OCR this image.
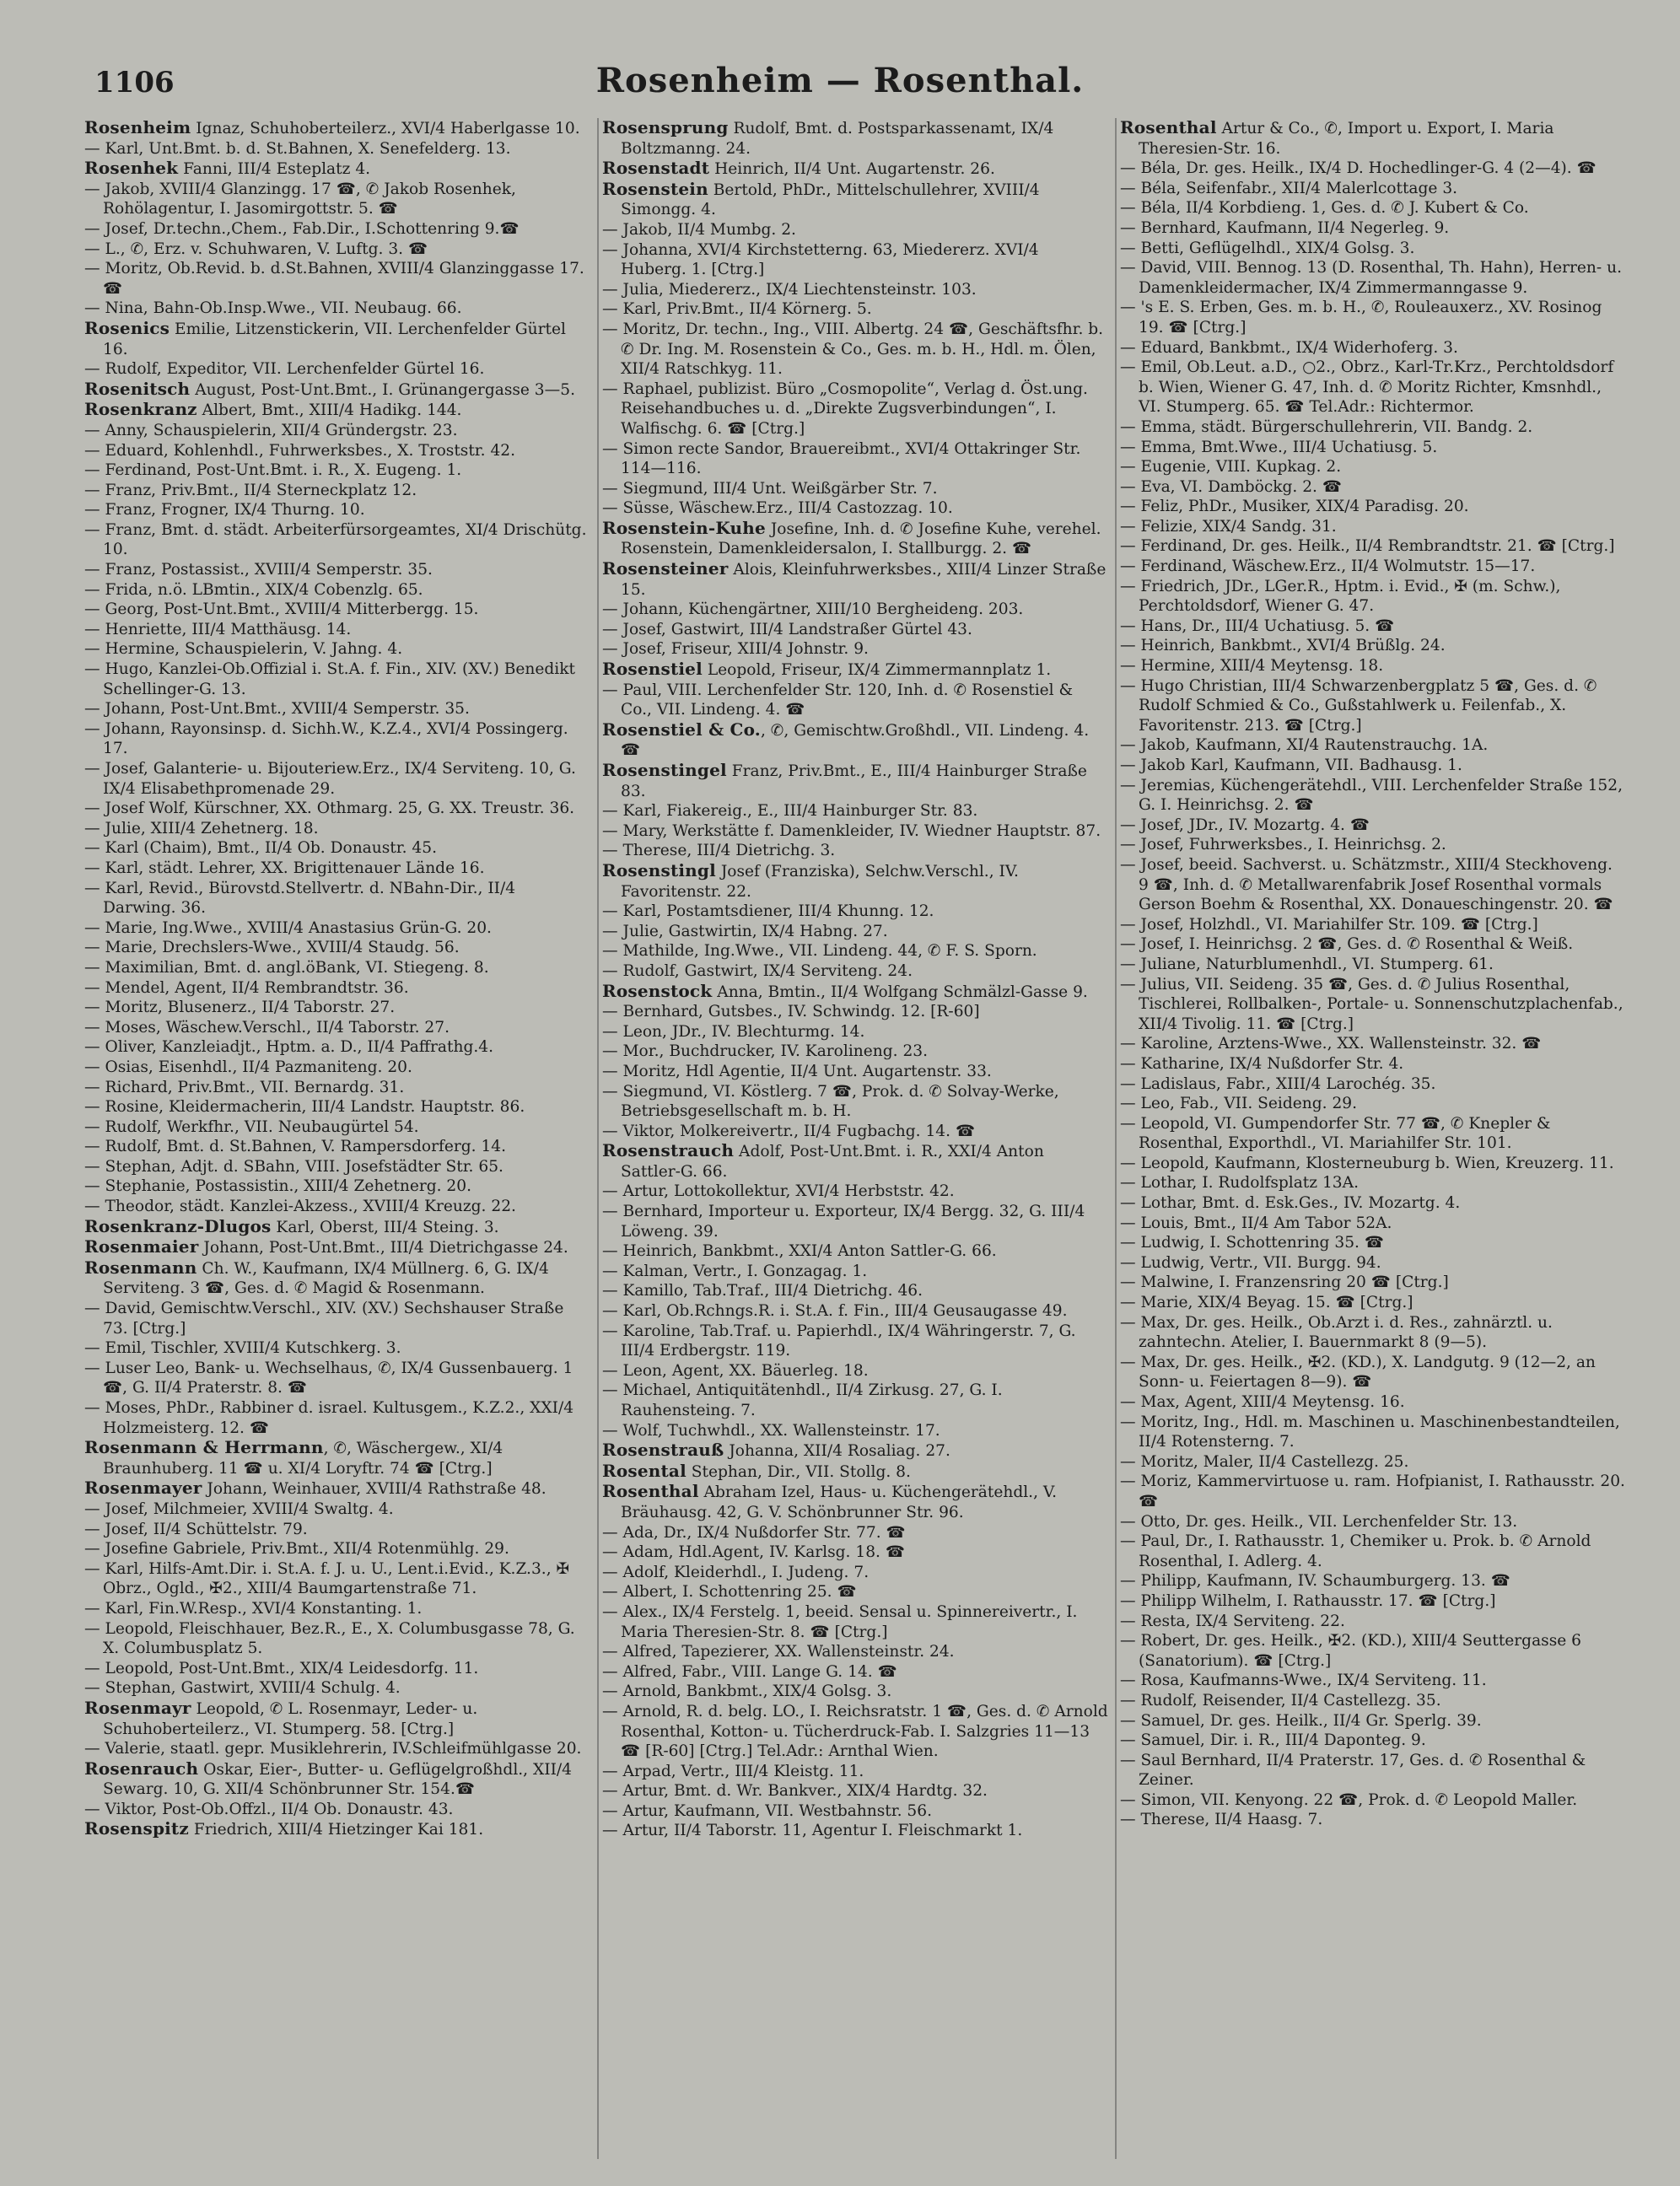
1106	Rosenheim — Rosenthal.

Rosenheim Ignaz, Schuhoberteilerz., XVI/4 Haberlgasse 10.

— Karl, Unt.Bmt. b. d. St.Bahnen, X. Senefelderg. 13.

Rosenhek Fanni, III/4 Esteplatz 4.

— Jakob, XVIII/4 Glanzingg. 17 ☎, ✆ Jakob Rosenhek, Rohölagentur, I. Jasomirgottstr. 5. ☎

— Josef, Dr.techn.,Chem., Fab.Dir., I.Schottenring 9.☎

— L., ✆, Erz. v. Schuhwaren, V. Luftg. 3. ☎

— Moritz, Ob.Revid. b. d.St.Bahnen, XVIII/4 Glanzinggasse 17. ☎

— Nina, Bahn-Ob.Insp.Wwe., VII. Neubaug. 66.

Rosenics Emilie, Litzenstickerin, VII. Lerchenfelder Gürtel 16.

— Rudolf, Expeditor, VII. Lerchenfelder Gürtel 16.

Rosenitsch August, Post-Unt.Bmt., I. Grünangergasse 3—5.

Rosenkranz Albert, Bmt., XIII/4 Hadikg. 144.

— Anny, Schauspielerin, XII/4 Gründergstr. 23.

— Eduard, Kohlenhdl., Fuhrwerksbes., X. Troststr. 42.

— Ferdinand, Post-Unt.Bmt. i. R., X. Eugeng. 1.

— Franz, Priv.Bmt., II/4 Sterneckplatz 12.

— Franz, Frogner, IX/4 Thurng. 10.

— Franz, Bmt. d. städt. Arbeiterfürsorgeamtes, XI/4 Drischütg. 10.

— Franz, Postassist., XVIII/4 Semperstr. 35.

— Frida, n.ö. LBmtin., XIX/4 Cobenzlg. 65.

— Georg, Post-Unt.Bmt., XVIII/4 Mitterbergg. 15.

— Henriette, III/4 Matthäusg. 14.

— Hermine, Schauspielerin, V. Jahng. 4.

— Hugo, Kanzlei-Ob.Offizial i. St.A. f. Fin., XIV. (XV.) Benedikt Schellinger-G. 13.

— Johann, Post-Unt.Bmt., XVIII/4 Semperstr. 35.

— Johann, Rayonsinsp. d. Sichh.W., K.Z.4., XVI/4 Possingerg. 17.

— Josef, Galanterie- u. Bijouteriew.Erz., IX/4 Serviteng. 10, G. IX/4 Elisabethpromenade 29.

— Josef Wolf, Kürschner, XX. Othmarg. 25, G. XX. Treustr. 36.

— Julie, XIII/4 Zehetnerg. 18.

— Karl (Chaim), Bmt., II/4 Ob. Donaustr. 45.

— Karl, städt. Lehrer, XX. Brigittenauer Lände 16.

— Karl, Revid., Bürovstd.Stellvertr. d. NBahn-Dir., II/4 Darwing. 36.

— Marie, Ing.Wwe., XVIII/4 Anastasius Grün-G. 20.

— Marie, Drechslers-Wwe., XVIII/4 Staudg. 56.

— Maximilian, Bmt. d. angl.öBank, VI. Stiegeng. 8.

— Mendel, Agent, II/4 Rembrandtstr. 36.

— Moritz, Blusenerz., II/4 Taborstr. 27.

— Moses, Wäschew.Verschl., II/4 Taborstr. 27.

— Oliver, Kanzleiadjt., Hptm. a. D., II/4 Paffrathg.4.

— Osias, Eisenhdl., II/4 Pazmaniteng. 20.

— Richard, Priv.Bmt., VII. Bernardg. 31.

— Rosine, Kleidermacherin, III/4 Landstr. Hauptstr. 86.

— Rudolf, Werkfhr., VII. Neubaugürtel 54.

— Rudolf, Bmt. d. St.Bahnen, V. Rampersdorferg. 14.

— Stephan, Adjt. d. SBahn, VIII. Josefstädter Str. 65.

— Stephanie, Postassistin., XIII/4 Zehetnerg. 20.

— Theodor, städt. Kanzlei-Akzess., XVIII/4 Kreuzg. 22.

Rosenkranz-Dlugos Karl, Oberst, III/4 Steing. 3.

Rosenmaier Johann, Post-Unt.Bmt., III/4 Dietrichgasse 24.

Rosenmann Ch. W., Kaufmann, IX/4 Müllnerg. 6, G. IX/4 Serviteng. 3 ☎, Ges. d. ✆ Magid & Rosenmann.

— David, Gemischtw.Verschl., XIV. (XV.) Sechshauser Straße 73. [Ctrg.]

— Emil, Tischler, XVIII/4 Kutschkerg. 3.

— Luser Leo, Bank- u. Wechselhaus, ✆, IX/4 Gussenbauerg. 1 ☎, G. II/4 Praterstr. 8. ☎

— Moses, PhDr., Rabbiner d. israel. Kultusgem., K.Z.2., XXI/4 Holzmeisterg. 12. ☎

Rosenmann & Herrmann, ✆, Wäschergew., XI/4 Braunhuberg. 11 ☎ u. XI/4 Loryftr. 74 ☎ [Ctrg.]

Rosenmayer Johann, Weinhauer, XVIII/4 Rathstraße 48.

— Josef, Milchmeier, XVIII/4 Swaltg. 4.

— Josef, II/4 Schüttelstr. 79.

— Josefine Gabriele, Priv.Bmt., XII/4 Rotenmühlg. 29.

— Karl, Hilfs-Amt.Dir. i. St.A. f. J. u. U., Lent.i.Evid., K.Z.3., ✠ Obrz., Ogld., ✠2., XIII/4 Baumgartenstraße 71.

— Karl, Fin.W.Resp., XVI/4 Konstanting. 1.

— Leopold, Fleischhauer, Bez.R., E., X. Columbusgasse 78, G. X. Columbusplatz 5.

— Leopold, Post-Unt.Bmt., XIX/4 Leidesdorfg. 11.

— Stephan, Gastwirt, XVIII/4 Schulg. 4.

Rosenmayr Leopold, ✆ L. Rosenmayr, Leder- u. Schuhoberteilerz., VI. Stumperg. 58. [Ctrg.]

— Valerie, staatl. gepr. Musiklehrerin, IV.Schleifmühlgasse 20.

Rosenrauch Oskar, Eier-, Butter- u. Geflügelgroßhdl., XII/4 Sewarg. 10, G. XII/4 Schönbrunner Str. 154.☎

— Viktor, Post-Ob.Offzl., II/4 Ob. Donaustr. 43.

Rosenspitz Friedrich, XIII/4 Hietzinger Kai 181.

Rosensprung Rudolf, Bmt. d. Postsparkassenamt, IX/4 Boltzmanng. 24.

Rosenstadt Heinrich, II/4 Unt. Augartenstr. 26.

Rosenstein Bertold, PhDr., Mittelschullehrer, XVIII/4 Simongg. 4.

— Jakob, II/4 Mumbg. 2.

— Johanna, XVI/4 Kirchstetterng. 63, Miedererz. XVI/4 Huberg. 1. [Ctrg.]

— Julia, Miedererz., IX/4 Liechtensteinstr. 103.

— Karl, Priv.Bmt., II/4 Körnerg. 5.

— Moritz, Dr. techn., Ing., VIII. Albertg. 24 ☎, Geschäftsfhr. b. ✆ Dr. Ing. M. Rosenstein & Co., Ges. m. b. H., Hdl. m. Ölen, XII/4 Ratschkyg. 11.

— Raphael, publizist. Büro „Cosmopolite“, Verlag d. Öst.ung. Reisehandbuches u. d. „Direkte Zugsverbindungen“, I. Walfischg. 6. ☎ [Ctrg.]

— Simon recte Sandor, Brauereibmt., XVI/4 Ottakringer Str. 114—116.

— Siegmund, III/4 Unt. Weißgärber Str. 7.

— Süsse, Wäschew.Erz., III/4 Castozzag. 10.

Rosenstein-Kuhe Josefine, Inh. d. ✆ Josefine Kuhe, verehel. Rosenstein, Damenkleidersalon, I. Stallburgg. 2. ☎

Rosensteiner Alois, Kleinfuhrwerksbes., XIII/4 Linzer Straße 15.

— Johann, Küchengärtner, XIII/10 Bergheideng. 203.

— Josef, Gastwirt, III/4 Landstraßer Gürtel 43.

— Josef, Friseur, XIII/4 Johnstr. 9.

Rosenstiel Leopold, Friseur, IX/4 Zimmermannplatz 1.

— Paul, VIII. Lerchenfelder Str. 120, Inh. d. ✆ Rosenstiel & Co., VII. Lindeng. 4. ☎

Rosenstiel & Co., ✆, Gemischtw.Großhdl., VII. Lindeng. 4. ☎

Rosenstingel Franz, Priv.Bmt., E., III/4 Hainburger Straße 83.

— Karl, Fiakereig., E., III/4 Hainburger Str. 83.

— Mary, Werkstätte f. Damenkleider, IV. Wiedner Hauptstr. 87.

— Therese, III/4 Dietrichg. 3.

Rosenstingl Josef (Franziska), Selchw.Verschl., IV. Favoritenstr. 22.

— Karl, Postamtsdiener, III/4 Khunng. 12.

— Julie, Gastwirtin, IX/4 Habng. 27.

— Mathilde, Ing.Wwe., VII. Lindeng. 44, ✆ F. S. Sporn.

— Rudolf, Gastwirt, IX/4 Serviteng. 24.

Rosenstock Anna, Bmtin., II/4 Wolfgang Schmälzl-Gasse 9.

— Bernhard, Gutsbes., IV. Schwindg. 12. [R-60]

— Leon, JDr., IV. Blechturmg. 14.

— Mor., Buchdrucker, IV. Karolineng. 23.

— Moritz, Hdl Agentie, II/4 Unt. Augartenstr. 33.

— Siegmund, VI. Köstlerg. 7 ☎, Prok. d. ✆ Solvay-Werke, Betriebsgesellschaft m. b. H.

— Viktor, Molkereivertr., II/4 Fugbachg. 14. ☎

Rosenstrauch Adolf, Post-Unt.Bmt. i. R., XXI/4 Anton Sattler-G. 66.

— Artur, Lottokollektur, XVI/4 Herbststr. 42.

— Bernhard, Importeur u. Exporteur, IX/4 Bergg. 32, G. III/4 Löweng. 39.

— Heinrich, Bankbmt., XXI/4 Anton Sattler-G. 66.

— Kalman, Vertr., I. Gonzagag. 1.

— Kamillo, Tab.Traf., III/4 Dietrichg. 46.

— Karl, Ob.Rchngs.R. i. St.A. f. Fin., III/4 Geusaugasse 49.

— Karoline, Tab.Traf. u. Papierhdl., IX/4 Währingerstr. 7, G. III/4 Erdbergstr. 119.

— Leon, Agent, XX. Bäuerleg. 18.

— Michael, Antiquitätenhdl., II/4 Zirkusg. 27, G. I. Rauhensteing. 7.

— Wolf, Tuchwhdl., XX. Wallensteinstr. 17.

Rosenstrauß Johanna, XII/4 Rosaliag. 27.

Rosental Stephan, Dir., VII. Stollg. 8.

Rosenthal Abraham Izel, Haus- u. Küchengerätehdl., V. Bräuhausg. 42, G. V. Schönbrunner Str. 96.

— Ada, Dr., IX/4 Nußdorfer Str. 77. ☎

— Adam, Hdl.Agent, IV. Karlsg. 18. ☎

— Adolf, Kleiderhdl., I. Judeng. 7.

— Albert, I. Schottenring 25. ☎

— Alex., IX/4 Ferstelg. 1, beeid. Sensal u. Spinnereivertr., I. Maria Theresien-Str. 8. ☎ [Ctrg.]

— Alfred, Tapezierer, XX. Wallensteinstr. 24.

— Alfred, Fabr., VIII. Lange G. 14. ☎

— Arnold, Bankbmt., XIX/4 Golsg. 3.

— Arnold, R. d. belg. LO., I. Reichsratstr. 1 ☎, Ges. d. ✆ Arnold Rosenthal, Kotton- u. Tücherdruck-Fab. I. Salzgries 11—13 ☎ [R-60] [Ctrg.] Tel.Adr.: Arnthal Wien.

— Arpad, Vertr., III/4 Kleistg. 11.

— Artur, Bmt. d. Wr. Bankver., XIX/4 Hardtg. 32.

— Artur, Kaufmann, VII. Westbahnstr. 56.

— Artur, II/4 Taborstr. 11, Agentur I. Fleischmarkt 1.

Rosenthal Artur & Co., ✆, Import u. Export, I. Maria Theresien-Str. 16.

— Béla, Dr. ges. Heilk., IX/4 D. Hochedlinger-G. 4 (2—4). ☎

— Béla, Seifenfabr., XII/4 Malerlcottage 3.

— Béla, II/4 Korbdieng. 1, Ges. d. ✆ J. Kubert & Co.

— Bernhard, Kaufmann, II/4 Negerleg. 9.

— Betti, Geflügelhdl., XIX/4 Golsg. 3.

— David, VIII. Bennog. 13 (D. Rosenthal, Th. Hahn), Herren- u. Damenkleidermacher, IX/4 Zimmermanngasse 9.

— 's E. S. Erben, Ges. m. b. H., ✆, Rouleauxerz., XV. Rosinog 19. ☎ [Ctrg.]

— Eduard, Bankbmt., IX/4 Widerhoferg. 3.

— Emil, Ob.Leut. a.D., ○2., Obrz., Karl-Tr.Krz., Perchtoldsdorf b. Wien, Wiener G. 47, Inh. d. ✆ Moritz Richter, Kmsnhdl., VI. Stumperg. 65. ☎ Tel.Adr.: Richtermor.

— Emma, städt. Bürgerschullehrerin, VII. Bandg. 2.

— Emma, Bmt.Wwe., III/4 Uchatiusg. 5.

— Eugenie, VIII. Kupkag. 2.

— Eva, VI. Damböckg. 2. ☎

— Feliz, PhDr., Musiker, XIX/4 Paradisg. 20.

— Felizie, XIX/4 Sandg. 31.

— Ferdinand, Dr. ges. Heilk., II/4 Rembrandtstr. 21. ☎ [Ctrg.]

— Ferdinand, Wäschew.Erz., II/4 Wolmutstr. 15—17.

— Friedrich, JDr., LGer.R., Hptm. i. Evid., ✠ (m. Schw.), Perchtoldsdorf, Wiener G. 47.

— Hans, Dr., III/4 Uchatiusg. 5. ☎

— Heinrich, Bankbmt., XVI/4 Brüßlg. 24.

— Hermine, XIII/4 Meytensg. 18.

— Hugo Christian, III/4 Schwarzenbergplatz 5 ☎, Ges. d. ✆ Rudolf Schmied & Co., Gußstahlwerk u. Feilenfab., X. Favoritenstr. 213. ☎ [Ctrg.]

— Jakob, Kaufmann, XI/4 Rautenstrauchg. 1A.

— Jakob Karl, Kaufmann, VII. Badhausg. 1.

— Jeremias, Küchengerätehdl., VIII. Lerchenfelder Straße 152, G. I. Heinrichsg. 2. ☎

— Josef, JDr., IV. Mozartg. 4. ☎

— Josef, Fuhrwerksbes., I. Heinrichsg. 2.

— Josef, beeid. Sachverst. u. Schätzmstr., XIII/4 Steckhoveng. 9 ☎, Inh. d. ✆ Metallwarenfabrik Josef Rosenthal vormals Gerson Boehm & Rosenthal, XX. Donaueschingenstr. 20. ☎

— Josef, Holzhdl., VI. Mariahilfer Str. 109. ☎ [Ctrg.]

— Josef, I. Heinrichsg. 2 ☎, Ges. d. ✆ Rosenthal & Weiß.

— Juliane, Naturblumenhdl., VI. Stumperg. 61.

— Julius, VII. Seideng. 35 ☎, Ges. d. ✆ Julius Rosenthal, Tischlerei, Rollbalken-, Portale- u. Sonnenschutzplachenfab., XII/4 Tivolig. 11. ☎ [Ctrg.]

— Karoline, Arztens-Wwe., XX. Wallensteinstr. 32. ☎

— Katharine, IX/4 Nußdorfer Str. 4.

— Ladislaus, Fabr., XIII/4 Larochég. 35.

— Leo, Fab., VII. Seideng. 29.

— Leopold, VI. Gumpendorfer Str. 77 ☎, ✆ Knepler & Rosenthal, Exporthdl., VI. Mariahilfer Str. 101.

— Leopold, Kaufmann, Klosterneuburg b. Wien, Kreuzerg. 11.

— Lothar, I. Rudolfsplatz 13A.

— Lothar, Bmt. d. Esk.Ges., IV. Mozartg. 4.

— Louis, Bmt., II/4 Am Tabor 52A.

— Ludwig, I. Schottenring 35. ☎

— Ludwig, Vertr., VII. Burgg. 94.

— Malwine, I. Franzensring 20 ☎ [Ctrg.]

— Marie, XIX/4 Beyag. 15. ☎ [Ctrg.]

— Max, Dr. ges. Heilk., Ob.Arzt i. d. Res., zahnärztl. u. zahntechn. Atelier, I. Bauernmarkt 8 (9—5).

— Max, Dr. ges. Heilk., ✠2. (KD.), X. Landgutg. 9 (12—2, an Sonn- u. Feiertagen 8—9). ☎

— Max, Agent, XIII/4 Meytensg. 16.

— Moritz, Ing., Hdl. m. Maschinen u. Maschinenbestandteilen, II/4 Rotensterng. 7.

— Moritz, Maler, II/4 Castellezg. 25.

— Moriz, Kammervirtuose u. ram. Hofpianist, I. Rathausstr. 20. ☎

— Otto, Dr. ges. Heilk., VII. Lerchenfelder Str. 13.

— Paul, Dr., I. Rathausstr. 1, Chemiker u. Prok. b. ✆ Arnold Rosenthal, I. Adlerg. 4.

— Philipp, Kaufmann, IV. Schaumburgerg. 13. ☎

— Philipp Wilhelm, I. Rathausstr. 17. ☎ [Ctrg.]

— Resta, IX/4 Serviteng. 22.

— Robert, Dr. ges. Heilk., ✠2. (KD.), XIII/4 Seuttergasse 6 (Sanatorium). ☎ [Ctrg.]

— Rosa, Kaufmanns-Wwe., IX/4 Serviteng. 11.

— Rudolf, Reisender, II/4 Castellezg. 35.

— Samuel, Dr. ges. Heilk., II/4 Gr. Sperlg. 39.

— Samuel, Dir. i. R., III/4 Daponteg. 9.

— Saul Bernhard, II/4 Praterstr. 17, Ges. d. ✆ Rosenthal & Zeiner.

— Simon, VII. Kenyong. 22 ☎, Prok. d. ✆ Leopold Maller.

— Therese, II/4 Haasg. 7.
